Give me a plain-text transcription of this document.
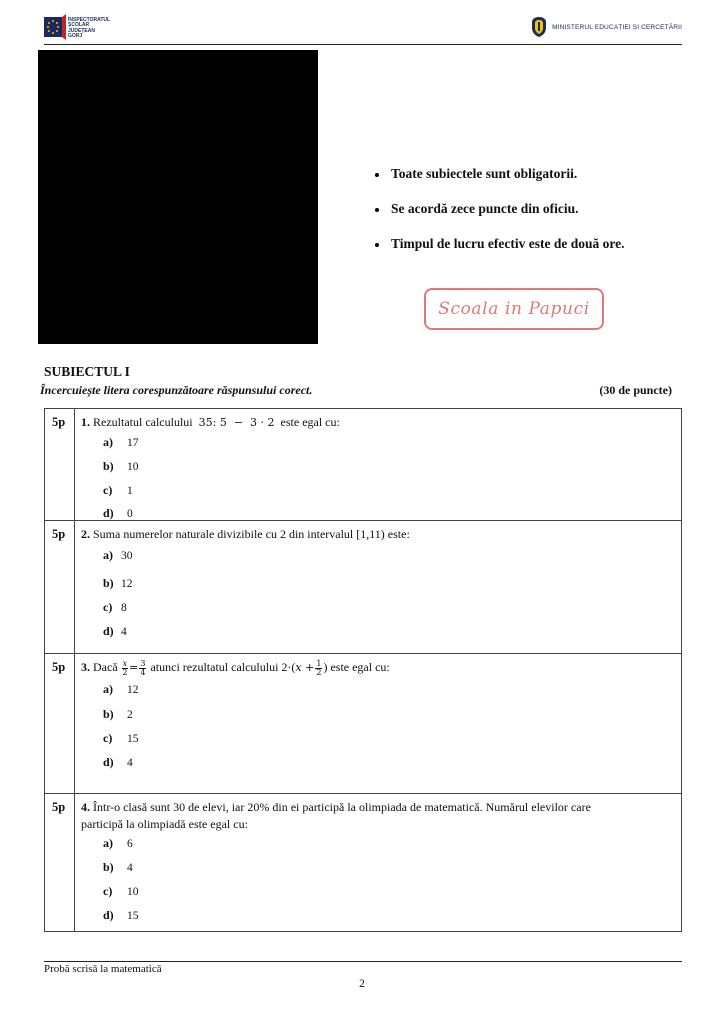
INSPECTORATUL
ȘCOLAR
JUDEȚEAN
GORJ
MINISTERUL EDUCAȚIEI ȘI CERCETĂRII
Toate subiectele sunt obligatorii.
Se acordă zece puncte din oficiu.
Timpul de lucru efectiv este de două ore.
Scoala in Papuci
SUBIECTUL I
Încercuiește litera corespunzătoare răspunsului corect.	(30 de puncte)
5p 1. Rezultatul calculului 35: 5  −  3 · 2 este egal cu:
a) 17
b) 10
c) 1
d) 0
5p 2. Suma numerelor naturale divizibile cu 2 din intervalul [1,11) este:
a) 30
b) 12
c) 8
d) 4
5p 3. Dacă $\frac{x}{2} = \frac{3}{4}$ atunci rezultatul calculului $2\cdot(x + \frac{1}{2}$ ) este egal cu:
a) 12
b) 2
c) 15
d) 4
5p 4. Într-o clasă sunt 30 de elevi, iar 20% din ei participă la olimpiada de matematică. Numărul elevilor care
participă la olimpiadă este egal cu:
a) 6
b) 4
c) 10
d) 15
Probă scrisă la matematică
2
